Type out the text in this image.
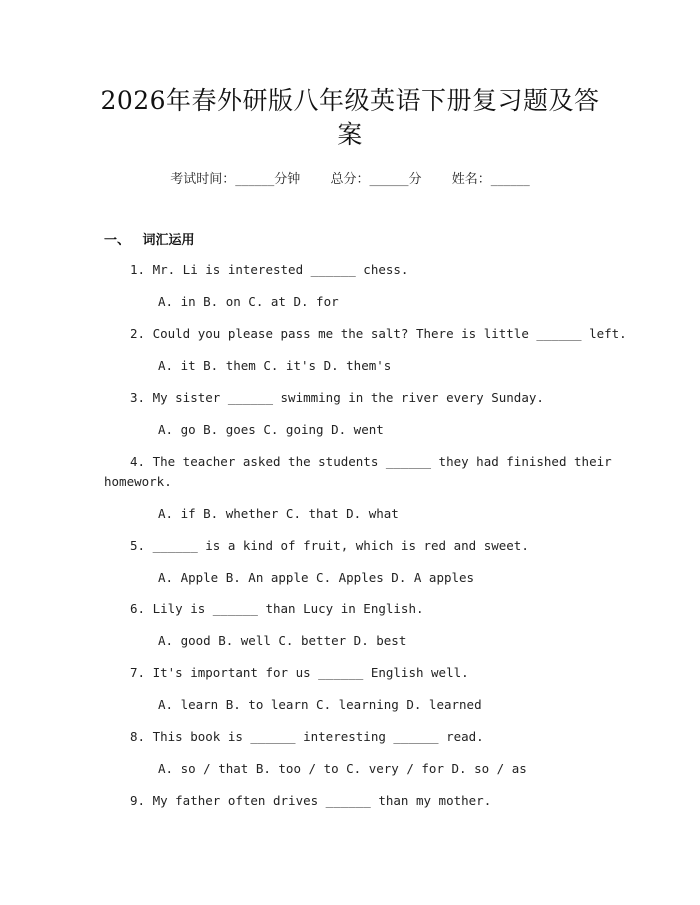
2026年春外研版八年级英语下册复习题及答
案
考试时间：______分钟 总分：______分 姓名：______
一、 词汇运用
1. Mr. Li is interested ______ chess.
A. in B. on C. at D. for
2. Could you please pass me the salt? There is little ______ left.
A. it B. them C. it's D. them's
3. My sister ______ swimming in the river every Sunday.
A. go B. goes C. going D. went
4. The teacher asked the students ______ they had finished their
homework.
A. if B. whether C. that D. what
5. ______ is a kind of fruit, which is red and sweet.
A. Apple B. An apple C. Apples D. A apples
6. Lily is ______ than Lucy in English.
A. good B. well C. better D. best
7. It's important for us ______ English well.
A. learn B. to learn C. learning D. learned
8. This book is ______ interesting ______ read.
A. so / that B. too / to C. very / for D. so / as
9. My father often drives ______ than my mother.
